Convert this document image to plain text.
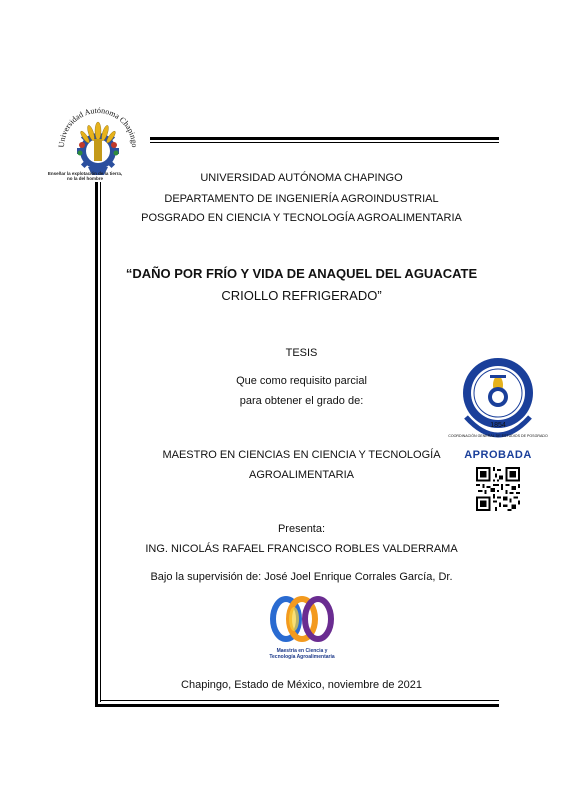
Universidad Autónoma Chapingo
Enseñar la explotación de la tierra,
no la del hombre	UNIVERSIDAD AUTÓNOMA CHAPINGO
DEPARTAMENTO DE INGENIERÍA AGROINDUSTRIAL
POSGRADO EN CIENCIA Y TECNOLOGÍA AGROALIMENTARIA
“DAÑO POR FRÍO Y VIDA DE ANAQUEL DEL AGUACATE
CRIOLLO REFRIGERADO”
TESIS
Que como requisito parcial
para obtener el grado de:
MAESTRO EN CIENCIAS EN CIENCIA Y TECNOLOGÍA
AGROALIMENTARIA
Presenta:
ING. NICOLÁS RAFAEL FRANCISCO ROBLES VALDERRAMA
Bajo la supervisión de: José Joel Enrique Corrales García, Dr.
1854
COORDINACIÓN GENERAL DE ESTUDIOS DE POSGRADO
APROBADA
Maestría en Ciencia y
Tecnología Agroalimentaria
Chapingo, Estado de México, noviembre de 2021
